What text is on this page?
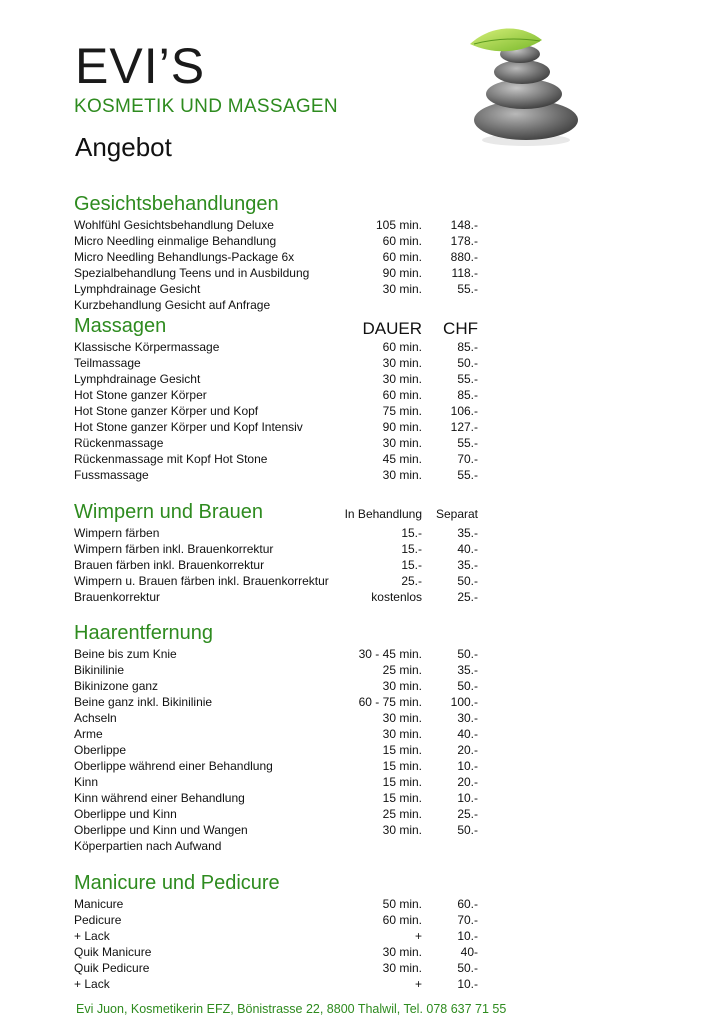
EVI’S
KOSMETIK UND MASSAGEN
Angebot
Gesichtsbehandlungen
Wohlfühl Gesichtsbehandlung Deluxe	105 min. 148.-
Micro Needling einmalige Behandlung	60 min. 178.-
Micro Needling Behandlungs-Package 6x	60 min. 880.-
Spezialbehandlung Teens und in Ausbildung	90 min. 118.-
Lymphdrainage Gesicht	30 min.	55.-
Kurzbehandlung Gesicht auf Anfrage
Massagen	DAUER CHF
Klassische Körpermassage	60 min.	85.-
Teilmassage	30 min.	50.-
Lymphdrainage Gesicht	30 min.	55.-
Hot Stone ganzer Körper	60 min.	85.-
Hot Stone ganzer Körper und Kopf	75 min. 106.-
Hot Stone ganzer Körper und Kopf Intensiv	90 min. 127.-
Rückenmassage	30 min.	55.-
Rückenmassage mit Kopf Hot Stone	45 min.	70.-
Fussmassage	30 min.	55.-
Wimpern und Brauen	In Behandlung Separat
Wimpern färben	15.-	35.-
Wimpern färben inkl. Brauenkorrektur	15.-	40.-
Brauen färben inkl. Brauenkorrektur	15.-	35.-
Wimpern u. Brauen färben inkl. Brauenkorrektur	25.-	50.-
Brauenkorrektur	kostenlos	25.-
Haarentfernung
Beine bis zum Knie	30 - 45 min.	50.-
Bikinilinie	25 min.	35.-
Bikinizone ganz	30 min.	50.-
Beine ganz inkl. Bikinilinie	60 - 75 min. 100.-
Achseln	30 min.	30.-
Arme	30 min.	40.-
Oberlippe	15 min.	20.-
Oberlippe während einer Behandlung	15 min.	10.-
Kinn	15 min.	20.-
Kinn während einer Behandlung	15 min.	10.-
Oberlippe und Kinn	25 min.	25.-
Oberlippe und Kinn und Wangen	30 min.	50.-
Köperpartien nach Aufwand
Manicure und Pedicure
Manicure	50 min.	60.-
Pedicure	60 min.	70.-
+ Lack	+	10.-
Quik Manicure	30 min.	40-
Quik Pedicure	30 min.	50.-
+ Lack	+	10.-
Evi Juon, Kosmetikerin EFZ, Bönistrasse 22, 8800 Thalwil, Tel. 078 637 71 55
